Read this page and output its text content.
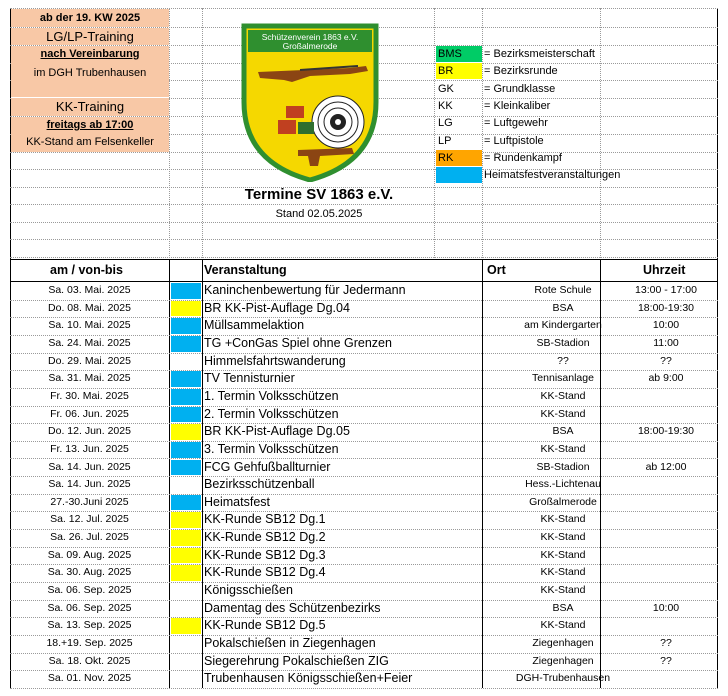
ab der 19. KW 2025
LG/LP-Training
nach Vereinbarung
im DGH Trubenhausen
KK-Training
freitags ab 17:00
KK-Stand am Felsenkeller
Schützenverein 1863 e.V.
Großalmerode
BMS	= Bezirksmeisterschaft
BR	= Bezirksrunde
GK	= Grundklasse
KK	= Kleinkaliber
LG	= Luftgewehr
LP	= Luftpistole
RK	= Rundenkampf
Heimatsfestveranstaltungen
Termine SV 1863 e.V.
Stand 02.05.2025
am / von-bis	Veranstaltung	Ort	Uhrzeit
Sa. 03. Mai. 2025	Kaninchenbewertung für Jedermann	Rote Schule	13:00 - 17:00
Do. 08. Mai. 2025	BR KK-Pist-Auflage Dg.04	BSA	18:00-19:30
Sa. 10. Mai. 2025	Müllsammelaktion	am Kindergarten	10:00
Sa. 24. Mai. 2025	TG +ConGas Spiel ohne Grenzen	SB-Stadion	11:00
Do. 29. Mai. 2025	Himmelsfahrtswanderung	??	??
Sa. 31. Mai. 2025	TV Tennisturnier	Tennisanlage	ab 9:00
Fr. 30. Mai. 2025	1. Termin Volksschützen	KK-Stand
Fr. 06. Jun. 2025	2. Termin Volksschützen	KK-Stand
Do. 12. Jun. 2025	BR KK-Pist-Auflage Dg.05	BSA	18:00-19:30
Fr. 13. Jun. 2025	3. Termin Volksschützen	KK-Stand
Sa. 14. Jun. 2025	FCG Gehfußballturnier	SB-Stadion	ab 12:00
Sa. 14. Jun. 2025	Bezirksschützenball	Hess.-Lichtenau
27.-30.Juni 2025	Heimatsfest	Großalmerode
Sa. 12. Jul. 2025	KK-Runde SB12 Dg.1	KK-Stand
Sa. 26. Jul. 2025	KK-Runde SB12 Dg.2	KK-Stand
Sa. 09. Aug. 2025	KK-Runde SB12 Dg.3	KK-Stand
Sa. 30. Aug. 2025	KK-Runde SB12 Dg.4	KK-Stand
Sa. 06. Sep. 2025	Königsschießen	KK-Stand
Sa. 06. Sep. 2025	Damentag des Schützenbezirks	BSA	10:00
Sa. 13. Sep. 2025	KK-Runde SB12 Dg.5	KK-Stand
18.+19. Sep. 2025	Pokalschießen in Ziegenhagen	Ziegenhagen	??
Sa. 18. Okt. 2025	Siegerehrung Pokalschießen ZIG	Ziegenhagen	??
Sa. 01. Nov. 2025	Trubenhausen Königsschießen+Feier	DGH-Trubenhausen
